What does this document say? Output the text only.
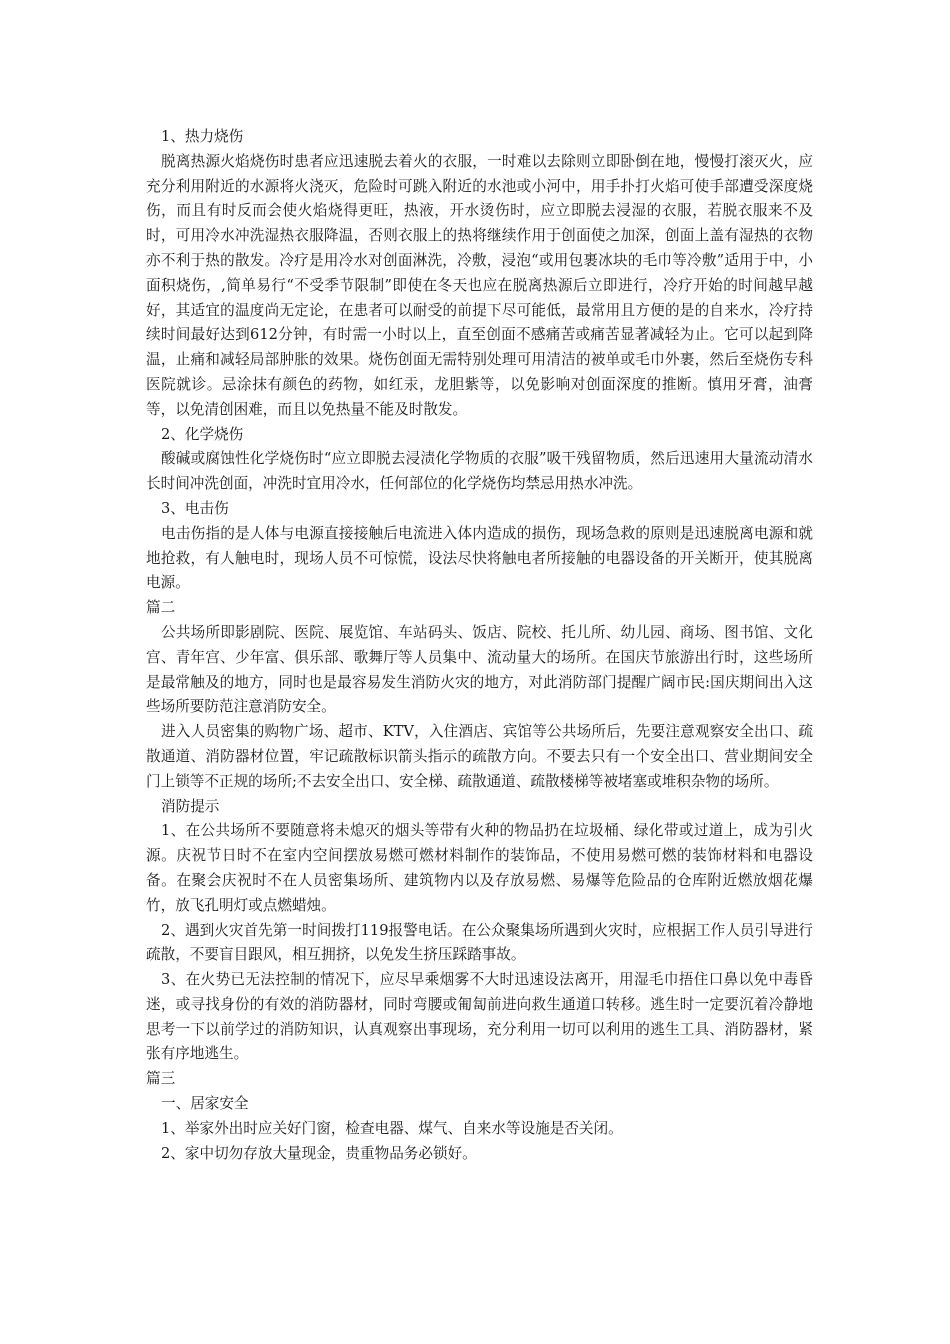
1、热力烧伤

脱离热源火焰烧伤时患者应迅速脱去着火的衣服，一时难以去除则立即卧倒在地，慢慢打滚灭火，应充分利用附近的水源将火浇灭，危险时可跳入附近的水池或小河中，用手扑打火焰可使手部遭受深度烧伤，而且有时反而会使火焰烧得更旺，热液，开水烫伤时，应立即脱去浸湿的衣服，若脱衣服来不及时，可用冷水冲洗湿热衣服降温，否则衣服上的热将继续作用于创面使之加深，创面上盖有湿热的衣物亦不利于热的散发。冷疗是用冷水对创面淋洗，冷敷，浸泡“或用包裹冰块的毛巾等冷敷”适用于中，小面积烧伤，,简单易行“不受季节限制”即使在冬天也应在脱离热源后立即进行，冷疗开始的时间越早越好，其适宜的温度尚无定论，在患者可以耐受的前提下尽可能低，最常用且方便的是的自来水，冷疗持续时间最好达到612分钟，有时需一小时以上，直至创面不感痛苦或痛苦显著减轻为止。它可以起到降温，止痛和减轻局部肿胀的效果。烧伤创面无需特别处理可用清洁的被单或毛巾外裹，然后至烧伤专科医院就诊。忌涂抹有颜色的药物，如红汞，龙胆紫等，以免影响对创面深度的推断。慎用牙膏，油膏等，以免清创困难，而且以免热量不能及时散发。

2、化学烧伤

酸碱或腐蚀性化学烧伤时“应立即脱去浸渍化学物质的衣服”吸干残留物质，然后迅速用大量流动清水长时间冲洗创面，冲洗时宜用冷水，任何部位的化学烧伤均禁忌用热水冲洗。

3、电击伤

电击伤指的是人体与电源直接接触后电流进入体内造成的损伤，现场急救的原则是迅速脱离电源和就地抢救，有人触电时，现场人员不可惊慌，设法尽快将触电者所接触的电器设备的开关断开，使其脱离电源。

篇二

公共场所即影剧院、医院、展览馆、车站码头、饭店、院校、托儿所、幼儿园、商场、图书馆、文化宫、青年宫、少年富、俱乐部、歌舞厅等人员集中、流动量大的场所。在国庆节旅游出行时，这些场所是最常触及的地方，同时也是最容易发生消防火灾的地方，对此消防部门提醒广阔市民:国庆期间出入这些场所要防范注意消防安全。

进入人员密集的购物广场、超市、KTV，入住酒店、宾馆等公共场所后，先要注意观察安全出口、疏散通道、消防器材位置，牢记疏散标识箭头指示的疏散方向。不要去只有一个安全出口、营业期间安全门上锁等不正规的场所;不去安全出口、安全梯、疏散通道、疏散楼梯等被堵塞或堆积杂物的场所。

消防提示

1、在公共场所不要随意将未熄灭的烟头等带有火种的物品扔在垃圾桶、绿化带或过道上，成为引火源。庆祝节日时不在室内空间摆放易燃可燃材料制作的装饰品，不使用易燃可燃的装饰材料和电器设备。在聚会庆祝时不在人员密集场所、建筑物内以及存放易燃、易爆等危险品的仓库附近燃放烟花爆竹，放飞孔明灯或点燃蜡烛。

2、遇到火灾首先第一时间拨打119报警电话。在公众聚集场所遇到火灾时，应根据工作人员引导进行疏散，不要盲目跟风，相互拥挤，以免发生挤压踩踏事故。

3、在火势已无法控制的情况下，应尽早乘烟雾不大时迅速设法离开，用湿毛巾捂住口鼻以免中毒昏迷，或寻找身份的有效的消防器材，同时弯腰或匍匐前进向救生通道口转移。逃生时一定要沉着冷静地思考一下以前学过的消防知识，认真观察出事现场，充分利用一切可以利用的逃生工具、消防器材，紧张有序地逃生。

篇三

一、居家安全

1、举家外出时应关好门窗，检查电器、煤气、自来水等设施是否关闭。

2、家中切勿存放大量现金，贵重物品务必锁好。
